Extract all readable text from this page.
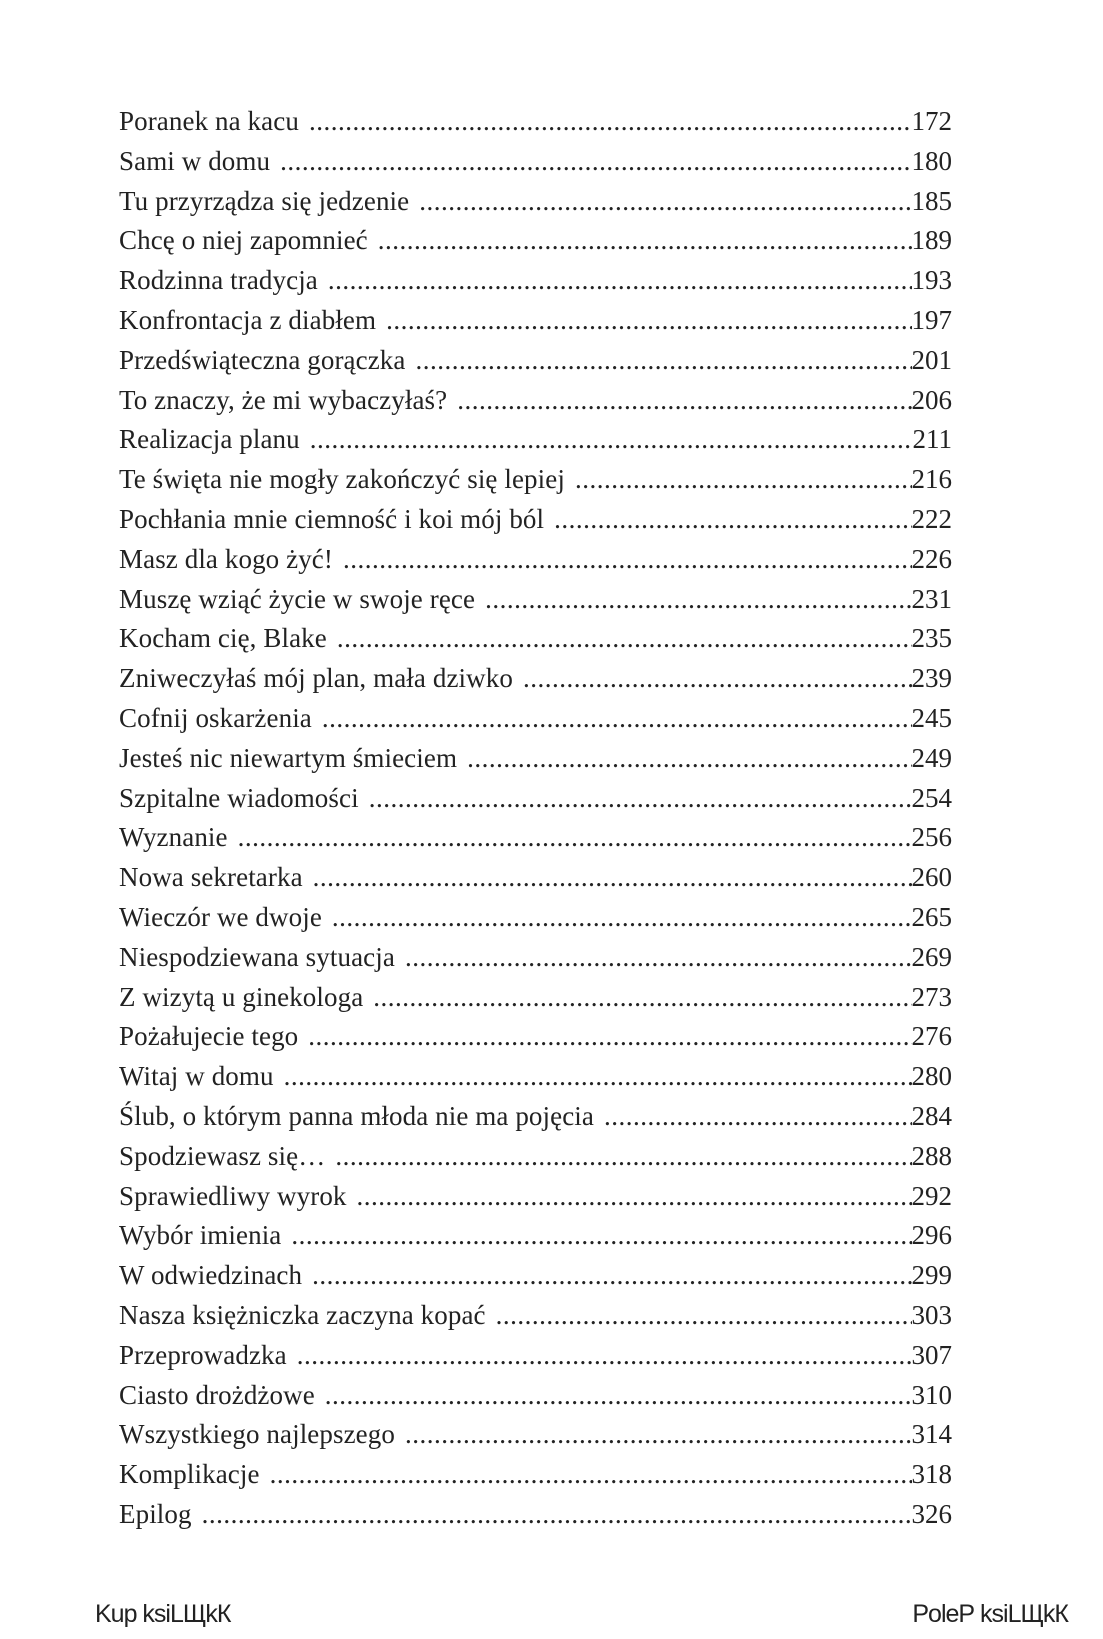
Poranek na kacu .....	172
Sami w domu .....	180
Tu przyrządza się jedzenie .....	185
Chcę o niej zapomnieć .....	189
Rodzinna tradycja .....	193
Konfrontacja z diabłem .....	197
Przedświąteczna gorączka .....	201
To znaczy, że mi wybaczyłaś? .....	206
Realizacja planu .....	211
Te święta nie mogły zakończyć się lepiej .....	216
Pochłania mnie ciemność i koi mój ból .....	222
Masz dla kogo żyć! .....	226
Muszę wziąć życie w swoje ręce .....	231
Kocham cię, Blake .....	235
Zniweczyłaś mój plan, mała dziwko .....	239
Cofnij oskarżenia .....	245
Jesteś nic niewartym śmieciem .....	249
Szpitalne wiadomości .....	254
Wyznanie .....	256
Nowa sekretarka .....	260
Wieczór we dwoje .....	265
Niespodziewana sytuacja .....	269
Z wizytą u ginekologa .....	273
Pożałujecie tego .....	276
Witaj w domu .....	280
Ślub, o którym panna młoda nie ma pojęcia .....	284
Spodziewasz się… .....	288
Sprawiedliwy wyrok .....	292
Wybór imienia .....	296
W odwiedzinach .....	299
Nasza księżniczka zaczyna kopać .....	303
Przeprowadzka .....	307
Ciasto drożdżowe .....	310
Wszystkiego najlepszego .....	314
Komplikacje .....	318
Epilog .....	326
Kup ksiLЩkК	PoleР ksiLЩkК
